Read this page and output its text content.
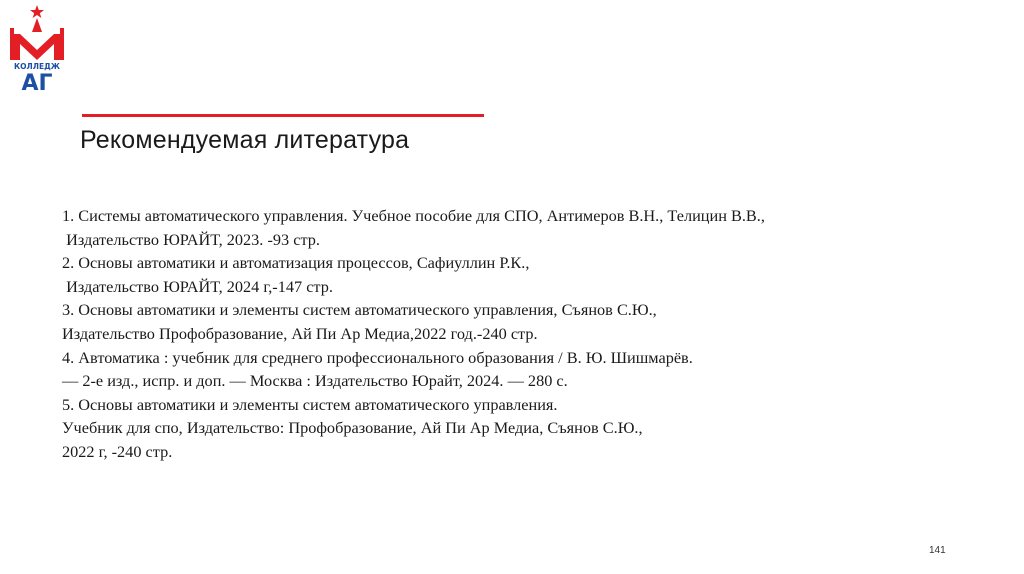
КОЛЛЕДЖ
АГ
Рекомендуемая литература
1. Системы автоматического управления. Учебное пособие для СПО, Антимеров В.Н., Телицин В.В.,
Издательство ЮРАЙТ, 2023. -93 стр.
2. Основы автоматики и автоматизация процессов, Сафиуллин Р.К.,
Издательство ЮРАЙТ, 2024 г,-147 стр.
3. Основы автоматики и элементы систем автоматического управления, Съянов С.Ю.,
Издательство Профобразование, Ай Пи Ар Медиа,2022 год.-240 стр.
4. Автоматика : учебник для среднего профессионального образования / В. Ю. Шишмарёв.
— 2-е изд., испр. и доп. — Москва : Издательство Юрайт, 2024. — 280 с.
5. Основы автоматики и элементы систем автоматического управления.
Учебник для спо, Издательство: Профобразование, Ай Пи Ар Медиа, Съянов С.Ю.,
2022 г, -240 стр.
141
